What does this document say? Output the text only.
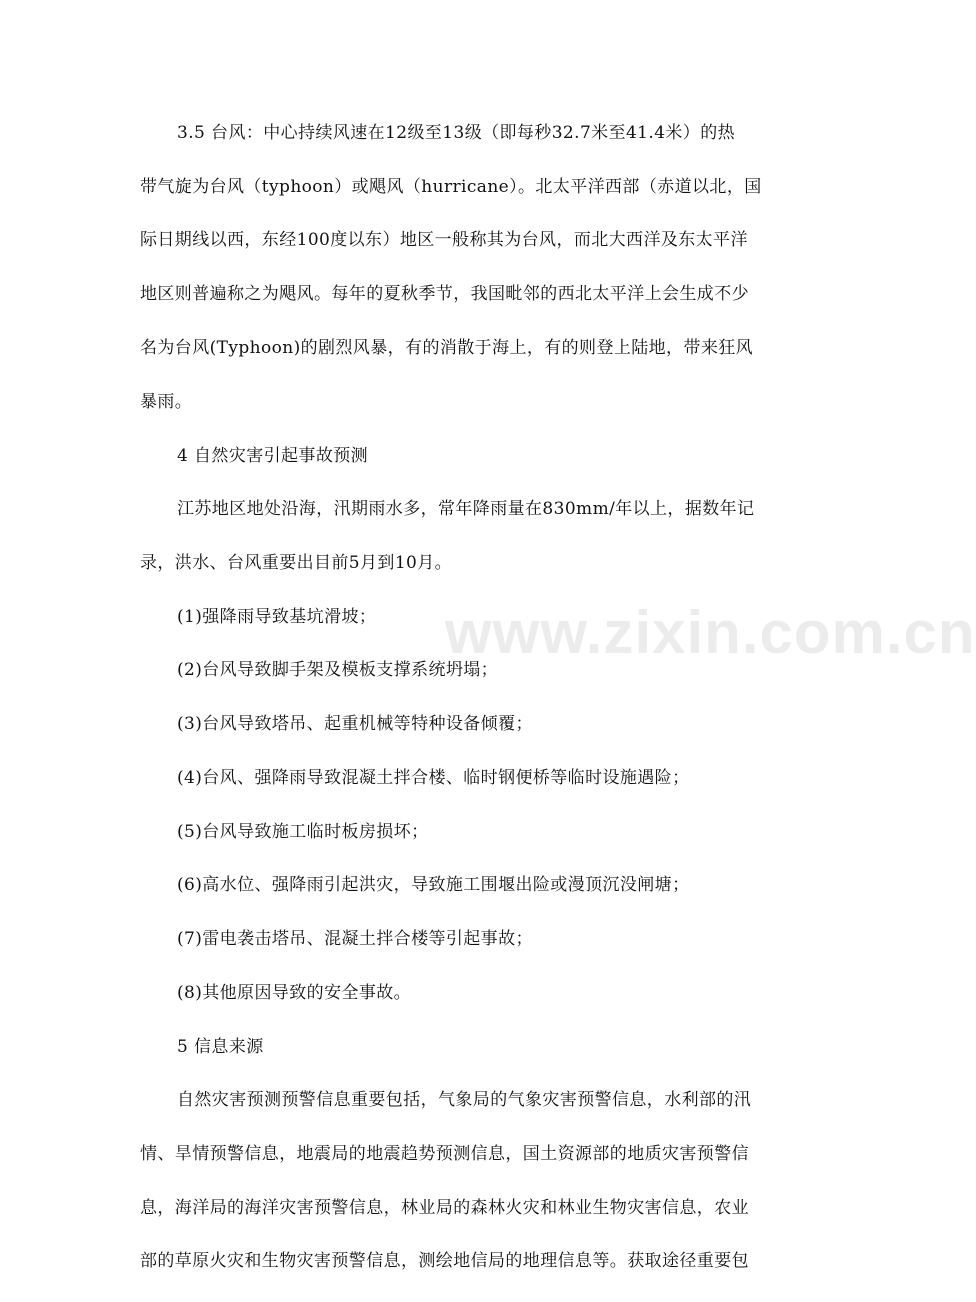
www.zixin.com.cn
3.5 台风：中心持续风速在12级至13级（即每秒32.7米至41.4米）的热
带气旋为台风（typhoon）或飓风（hurricane）。北太平洋西部（赤道以北，国
际日期线以西，东经100度以东）地区一般称其为台风，而北大西洋及东太平洋
地区则普遍称之为飓风。每年的夏秋季节，我国毗邻的西北太平洋上会生成不少
名为台风(Typhoon)的剧烈风暴，有的消散于海上，有的则登上陆地，带来狂风
暴雨。
4 自然灾害引起事故预测
江苏地区地处沿海，汛期雨水多，常年降雨量在830mm/年以上，据数年记
录，洪水、台风重要出目前5月到10月。
(1)强降雨导致基坑滑坡；
(2)台风导致脚手架及模板支撑系统坍塌；
(3)台风导致塔吊、起重机械等特种设备倾覆；
(4)台风、强降雨导致混凝土拌合楼、临时钢便桥等临时设施遇险；
(5)台风导致施工临时板房损坏；
(6)高水位、强降雨引起洪灾，导致施工围堰出险或漫顶沉没闸塘；
(7)雷电袭击塔吊、混凝土拌合楼等引起事故；
(8)其他原因导致的安全事故。
5 信息来源
自然灾害预测预警信息重要包括，气象局的气象灾害预警信息，水利部的汛
情、旱情预警信息，地震局的地震趋势预测信息，国土资源部的地质灾害预警信
息，海洋局的海洋灾害预警信息，林业局的森林火灾和林业生物灾害信息，农业
部的草原火灾和生物灾害预警信息，测绘地信局的地理信息等。获取途径重要包
